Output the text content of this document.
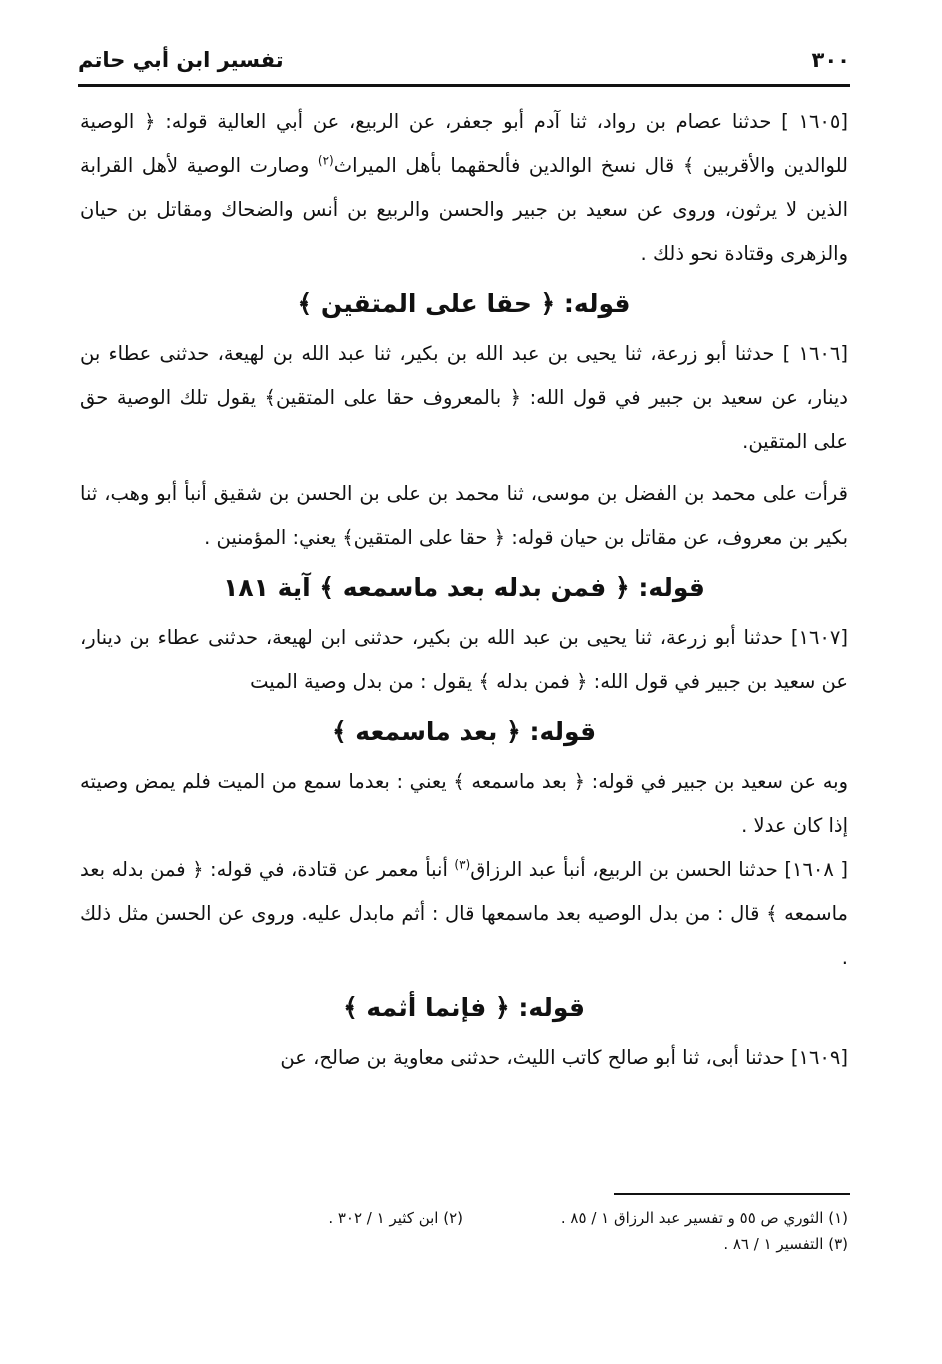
٣٠٠
تفسير ابن أبي حاتم

[١٦٠٥ ] حدثنا عصام بن رواد، ثنا آدم أبو جعفر، عن الربيع، عن أبي العالية قوله: ﴿ الوصية للوالدين والأقربين ﴾ قال نسخ الوالدين فألحقهما بأهل الميراث$^{(٢)}$ وصارت الوصية لأهل القرابة الذين لا يرثون، وروى عن سعيد بن جبير والحسن والربيع بن أنس والضحاك ومقاتل بن حيان والزهرى وقتادة نحو ذلك .

قوله: ﴿ حقا على المتقين ﴾

[١٦٠٦ ] حدثنا أبو زرعة، ثنا يحيى بن عبد الله بن بكير، ثنا عبد الله بن لهيعة، حدثنى عطاء بن دينار، عن سعيد بن جبير في قول الله: ﴿ بالمعروف حقا على المتقين﴾ يقول تلك الوصية حق على المتقين.

قرأت على محمد بن الفضل بن موسى، ثنا محمد بن على بن الحسن بن شقيق أنبأ أبو وهب، ثنا بكير بن معروف، عن مقاتل بن حيان قوله: ﴿ حقا على المتقين﴾ يعني: المؤمنين .

قوله: ﴿ فمن بدله بعد ماسمعه ﴾ آية ١٨١

[١٦٠٧] حدثنا أبو زرعة، ثنا يحيى بن عبد الله بن بكير، حدثنى ابن لهيعة، حدثنى عطاء بن دينار، عن سعيد بن جبير في قول الله: ﴿ فمن بدله ﴾ يقول : من بدل وصية الميت

قوله: ﴿ بعد ماسمعه ﴾

وبه عن سعيد بن جبير في قوله: ﴿ بعد ماسمعه ﴾ يعني : بعدما سمع من الميت فلم يمض وصيته إذا كان عدلا .

[ ١٦٠٨] حدثنا الحسن بن الربيع، أنبأ عبد الرزاق$^{(٣)}$ أنبأ معمر عن قتادة، في قوله: ﴿ فمن بدله بعد ماسمعه ﴾ قال : من بدل الوصيه بعد ماسمعها قال : أثم مابدل عليه. وروى عن الحسن مثل ذلك .

قوله: ﴿ فإنما أثمه ﴾

[١٦٠٩] حدثنا أبى، ثنا أبو صالح كاتب الليث، حدثنى معاوية بن صالح، عن

(١) الثوري ص ٥٥ و تفسير عبد الرزاق ١ / ٨٥ .
(٢) ابن كثير ١ / ٣٠٢ .
(٣) التفسير ١ / ٨٦ .
